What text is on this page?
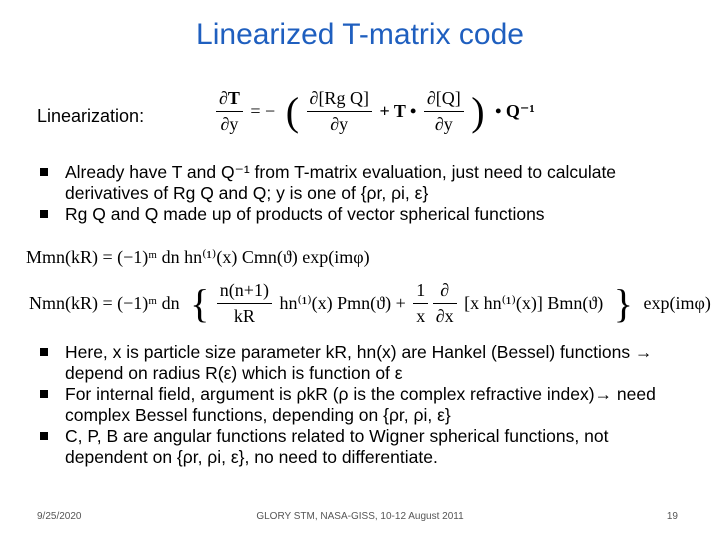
Linearized T-matrix code
Linearization:	$\frac{\partial T}{\partial y}$ = − ( $\frac{\text{∂[Rg Q]}}{\partial y} + T$ • $\frac{\partial[Q]}{\partial y}$ ) • Q⁻¹
Already have T and Q⁻¹ from T-matrix evaluation, just need to calculate derivatives of Rg Q and Q; y is one of {ρr, ρi, ε}
Rg Q and Q made up of products of vector spherical functions
Mmn(kR) = (−1)ᵐ dn hn⁽¹⁾(x) Cmn(ϑ) exp(imφ)
Nmn(kR) = (−1)ᵐ dn { $\frac{n(n+1)}{kR} hn^{(1)}(x) Pmn(ϑ) + \frac{1}{x}$
$\frac{\partial}{\partial x} [x$ hn⁽¹⁾(x)] Bmn(ϑ) } exp(imφ)
Here, x is particle size parameter kR, hn(x) are Hankel (Bessel) functions → depend on radius R(ε) which is function of ε
For internal field, argument is ρkR (ρ is the complex refractive index)→ need complex Bessel functions, depending on {ρr, ρi, ε}
C, P, B are angular functions related to Wigner spherical functions, not dependent on {ρr, ρi, ε}, no need to differentiate.
9/25/2020	GLORY STM, NASA-GISS, 10-12 August 2011	19
